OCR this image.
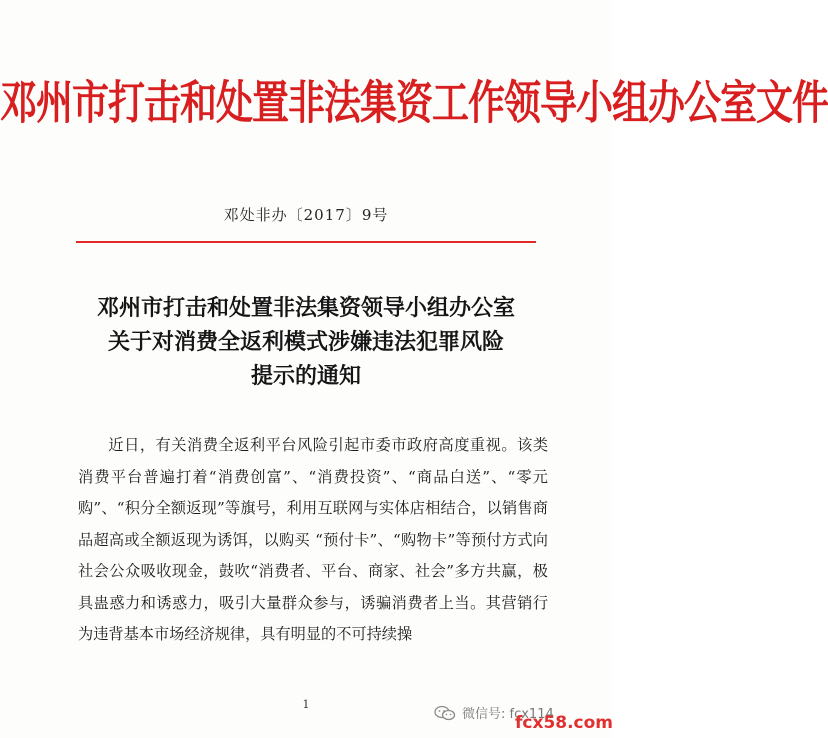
邓州市打击和处置非法集资工作领导小组办公室文件
邓处非办〔2017〕9号
邓州市打击和处置非法集资领导小组办公室
关于对消费全返利模式涉嫌违法犯罪风险
提示的通知

近日，有关消费全返利平台风险引起市委市政府高度重视。该类消费平台普遍打着“消费创富”、“消费投资”、“商品白送”、“零元购”、“积分全额返现”等旗号，利用互联网与实体店相结合，以销售商品超高或全额返现为诱饵，以购买 “预付卡”、“购物卡”等预付方式向社会公众吸收现金，鼓吹“消费者、平台、商家、社会”多方共赢，极具蛊惑力和诱惑力，吸引大量群众参与，诱骗消费者上当。其营销行为违背基本市场经济规律，具有明显的不可持续操

1
微信号: fcx114
fcx58.com
